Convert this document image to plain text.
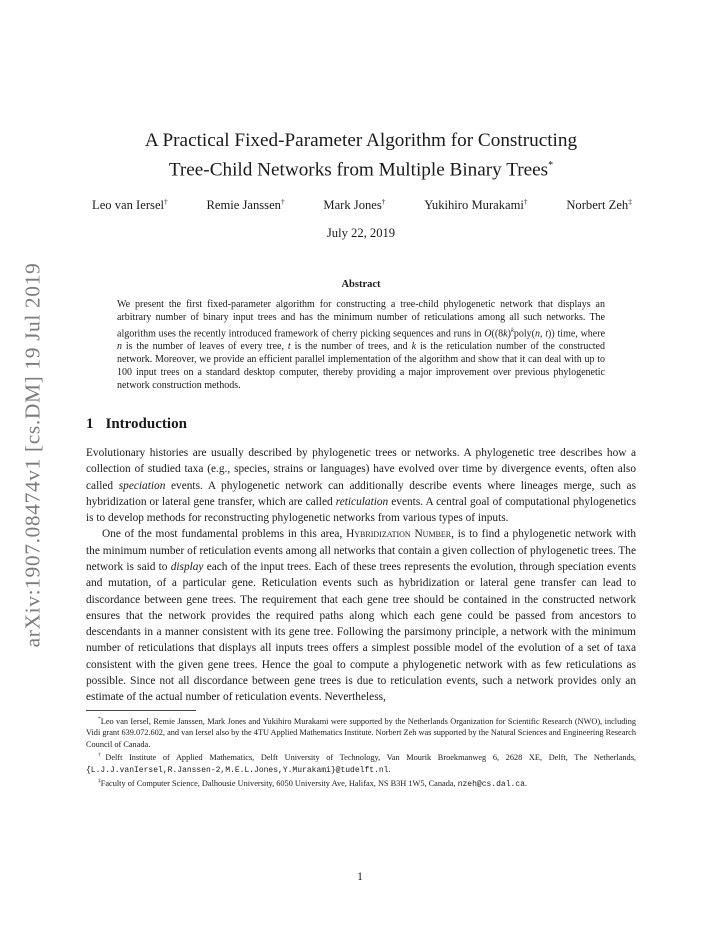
arXiv:1907.08474v1 [cs.DM] 19 Jul 2019
A Practical Fixed-Parameter Algorithm for Constructing
Tree-Child Networks from Multiple Binary Trees*
Leo van Iersel†	Remie Janssen†	Mark Jones†	Yukihiro Murakami†	Norbert Zeh‡
July 22, 2019
Abstract
We present the first fixed-parameter algorithm for constructing a tree-child phylogenetic network that displays an arbitrary number of binary input trees and has the minimum number of reticulations among all such networks. The algorithm uses the recently introduced framework of cherry picking sequences and runs in $O((8k)^kpoly(n$, t)) time, where n is the number of leaves of every tree, t is the number of trees, and k is the reticulation number of the constructed network. Moreover, we provide an efficient parallel implementation of the algorithm and show that it can deal with up to 100 input trees on a standard desktop computer, thereby providing a major improvement over previous phylogenetic network construction methods.
1 Introduction

Evolutionary histories are usually described by phylogenetic trees or networks. A phylogenetic tree describes how a collection of studied taxa (e.g., species, strains or languages) have evolved over time by divergence events, often also called speciation events. A phylogenetic network can additionally describe events where lineages merge, such as hybridization or lateral gene transfer, which are called reticulation events. A central goal of computational phylogenetics is to develop methods for reconstructing phylogenetic networks from various types of inputs.

One of the most fundamental problems in this area, Hybridization Number, is to find a phylogenetic network with the minimum number of reticulation events among all networks that contain a given collection of phylogenetic trees. The network is said to display each of the input trees. Each of these trees represents the evolution, through speciation events and mutation, of a particular gene. Reticulation events such as hybridization or lateral gene transfer can lead to discordance between gene trees. The requirement that each gene tree should be contained in the constructed network ensures that the network provides the required paths along which each gene could be passed from ancestors to descendants in a manner consistent with its gene tree. Following the parsimony principle, a network with the minimum number of reticulations that displays all inputs trees offers a simplest possible model of the evolution of a set of taxa consistent with the given gene trees. Hence the goal to compute a phylogenetic network with as few reticulations as possible. Since not all discordance between gene trees is due to reticulation events, such a network provides only an estimate of the actual number of reticulation events. Nevertheless,

*Leo van Iersel, Remie Janssen, Mark Jones and Yukihiro Murakami were supported by the Netherlands Organization for Scientific Research (NWO), including Vidi grant 639.072.602, and van Iersel also by the 4TU Applied Mathematics Institute. Norbert Zeh was supported by the Natural Sciences and Engineering Research Council of Canada.

†Delft Institute of Applied Mathematics, Delft University of Technology, Van Mourik Broekmanweg 6, 2628 XE, Delft, The Netherlands, {L.J.J.vanIersel,R.Janssen-2,M.E.L.Jones,Y.Murakami}@tudelft.nl.

‡Faculty of Computer Science, Dalhousie University, 6050 University Ave, Halifax, NS B3H 1W5, Canada, nzeh@cs.dal.ca.

1
